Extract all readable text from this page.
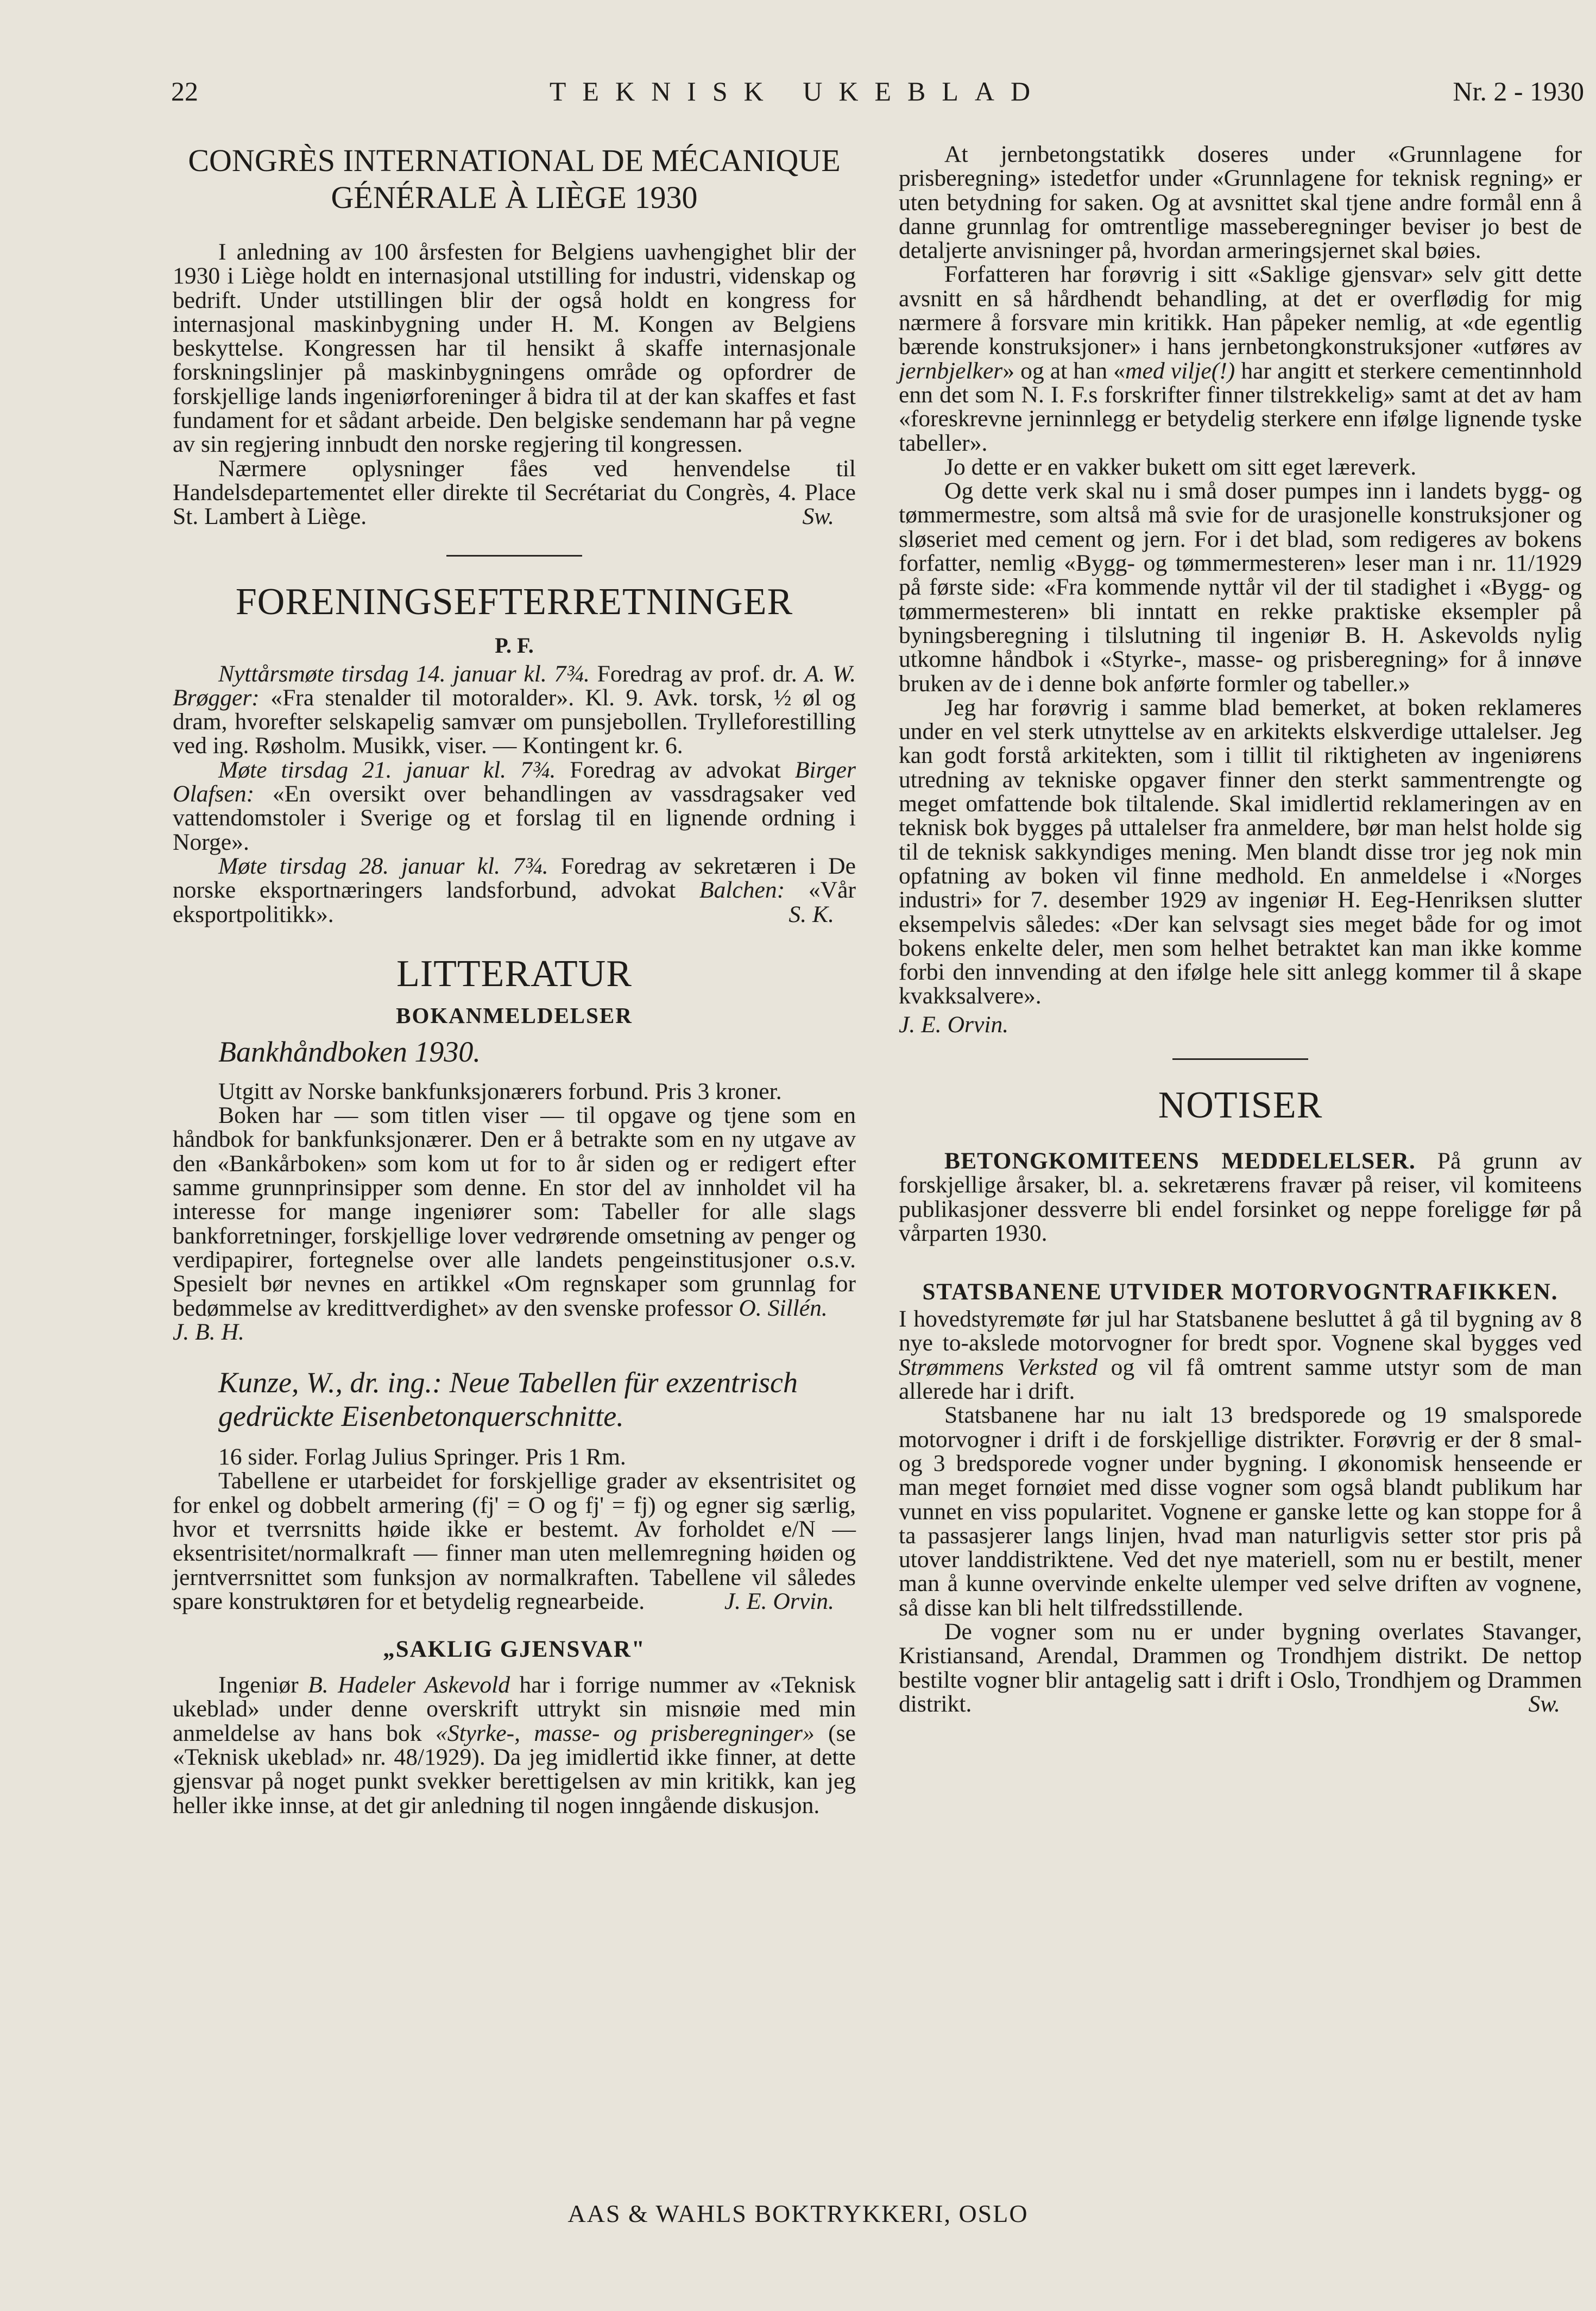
22	TEKNISK UKEBLAD	Nr. 2 - 1930
CONGRÈS INTERNATIONAL DE MÉCANIQUE
GÉNÉRALE À LIÈGE 1930

I anledning av 100 årsfesten for Belgiens uavhengighet blir der 1930 i Liège holdt en internasjonal utstilling for industri, videnskap og bedrift. Under utstillingen blir der også holdt en kongress for internasjonal maskinbygning under H. M. Kongen av Belgiens beskyttelse. Kongressen har til hensikt å skaffe internasjonale forskningslinjer på maskinbygningens område og opfordrer de forskjellige lands ingeniørforeninger å bidra til at der kan skaffes et fast fundament for et sådant arbeide. Den belgiske sendemann har på vegne av sin regjering innbudt den norske regjering til kongressen.

Nærmere oplysninger fåes ved henvendelse til Handelsdepartementet eller direkte til Secrétariat du Congrès, 4. Place St. Lambert à Liège.	Sw.

FORENINGSEFTERRETNINGER
P. F.

Nyttårsmøte tirsdag 14. januar kl. 7¾. Foredrag av prof. dr. A. W. Brøgger: «Fra stenalder til motoralder». Kl. 9. Avk. torsk, ½ øl og dram, hvorefter selskapelig samvær om punsjebollen. Trylleforestilling ved ing. Røsholm. Musikk, viser. — Kontingent kr. 6.

Møte tirsdag 21. januar kl. 7¾. Foredrag av advokat Birger Olafsen: «En oversikt over behandlingen av vassdragsaker ved vattendomstoler i Sverige og et forslag til en lignende ordning i Norge».

Møte tirsdag 28. januar kl. 7¾. Foredrag av sekretæren i De norske eksportnæringers landsforbund, advokat Balchen: «Vår eksportpolitikk».	S. K.

LITTERATUR
BOKANMELDELSER
Bankhåndboken 1930.

Utgitt av Norske bankfunksjonærers forbund. Pris 3 kroner.

Boken har — som titlen viser — til opgave og tjene som en håndbok for bankfunksjonærer. Den er å betrakte som en ny utgave av den «Bankårboken» som kom ut for to år siden og er redigert efter samme grunnprinsipper som denne. En stor del av innholdet vil ha interesse for mange ingeniører som: Tabeller for alle slags bankforretninger, forskjellige lover vedrørende omsetning av penger og verdipapirer, fortegnelse over alle landets pengeinstitusjoner o.s.v. Spesielt bør nevnes en artikkel «Om regnskaper som grunnlag for bedømmelse av kredittverdighet» av den svenske professor O. Sillén.

J. B. H.

Kunze, W., dr. ing.: Neue Tabellen für exzentrisch gedrückte Eisenbetonquerschnitte.

16 sider. Forlag Julius Springer. Pris 1 Rm.

Tabellene er utarbeidet for forskjellige grader av eksentrisitet og for enkel og dobbelt armering (fj' = O og fj' = fj) og egner sig særlig, hvor et tverrsnitts høide ikke er bestemt. Av forholdet e/N — eksentrisitet/normalkraft — finner man uten mellemregning høiden og jerntverrsnittet som funksjon av normalkraften. Tabellene vil således spare konstruktøren for et betydelig regnearbeide.	J. E. Orvin.

„SAKLIG GJENSVAR"

Ingeniør B. Hadeler Askevold har i forrige nummer av «Teknisk ukeblad» under denne overskrift uttrykt sin misnøie med min anmeldelse av hans bok «Styrke-, masse- og prisberegninger» (se «Teknisk ukeblad» nr. 48/1929). Da jeg imidlertid ikke finner, at dette gjensvar på noget punkt svekker berettigelsen av min kritikk, kan jeg heller ikke innse, at det gir anledning til nogen inngående diskusjon.

At jernbetongstatikk doseres under «Grunnlagene for prisberegning» istedetfor under «Grunnlagene for teknisk regning» er uten betydning for saken. Og at avsnittet skal tjene andre formål enn å danne grunnlag for omtrentlige masseberegninger beviser jo best de detaljerte anvisninger på, hvordan armeringsjernet skal bøies.

Forfatteren har forøvrig i sitt «Saklige gjensvar» selv gitt dette avsnitt en så hårdhendt behandling, at det er overflødig for mig nærmere å forsvare min kritikk. Han påpeker nemlig, at «de egentlig bærende konstruksjoner» i hans jernbetongkonstruksjoner «utføres av jernbjelker» og at han «med vilje(!) har angitt et sterkere cementinnhold enn det som N. I. F.s forskrifter finner tilstrekkelig» samt at det av ham «foreskrevne jerninnlegg er betydelig sterkere enn ifølge lignende tyske tabeller».

Jo dette er en vakker bukett om sitt eget læreverk.

Og dette verk skal nu i små doser pumpes inn i landets bygg- og tømmermestre, som altså må svie for de urasjonelle konstruksjoner og sløseriet med cement og jern. For i det blad, som redigeres av bokens forfatter, nemlig «Bygg- og tømmermesteren» leser man i nr. 11/1929 på første side: «Fra kommende nyttår vil der til stadighet i «Bygg- og tømmermesteren» bli inntatt en rekke praktiske eksempler på byningsberegning i tilslutning til ingeniør B. H. Askevolds nylig utkomne håndbok i «Styrke-, masse- og prisberegning» for å innøve bruken av de i denne bok anførte formler og tabeller.»

Jeg har forøvrig i samme blad bemerket, at boken reklameres under en vel sterk utnyttelse av en arkitekts elskverdige uttalelser. Jeg kan godt forstå arkitekten, som i tillit til riktigheten av ingeniørens utredning av tekniske opgaver finner den sterkt sammentrengte og meget omfattende bok tiltalende. Skal imidlertid reklameringen av en teknisk bok bygges på uttalelser fra anmeldere, bør man helst holde sig til de teknisk sakkyndiges mening. Men blandt disse tror jeg nok min opfatning av boken vil finne medhold. En anmeldelse i «Norges industri» for 7. desember 1929 av ingeniør H. Eeg-Henriksen slutter eksempelvis således: «Der kan selvsagt sies meget både for og imot bokens enkelte deler, men som helhet betraktet kan man ikke komme forbi den innvending at den ifølge hele sitt anlegg kommer til å skape kvakksalvere».

J. E. Orvin.

NOTISER

BETONGKOMITEENS MEDDELELSER. På grunn av forskjellige årsaker, bl. a. sekretærens fravær på reiser, vil komiteens publikasjoner dessverre bli endel forsinket og neppe foreligge før på vårparten 1930.

STATSBANENE UTVIDER MOTORVOGNTRAFIKKEN.

I hovedstyremøte før jul har Statsbanene besluttet å gå til bygning av 8 nye to-akslede motorvogner for bredt spor. Vognene skal bygges ved Strømmens Verksted og vil få omtrent samme utstyr som de man allerede har i drift.

Statsbanene har nu ialt 13 bredsporede og 19 smalsporede motorvogner i drift i de forskjellige distrikter. Forøvrig er der 8 smal- og 3 bredsporede vogner under bygning. I økonomisk henseende er man meget fornøiet med disse vogner som også blandt publikum har vunnet en viss popularitet. Vognene er ganske lette og kan stoppe for å ta passasjerer langs linjen, hvad man naturligvis setter stor pris på utover landdistriktene. Ved det nye materiell, som nu er bestilt, mener man å kunne overvinde enkelte ulemper ved selve driften av vognene, så disse kan bli helt tilfredsstillende.

De vogner som nu er under bygning overlates Stavanger, Kristiansand, Arendal, Drammen og Trondhjem distrikt. De nettop bestilte vogner blir antagelig satt i drift i Oslo, Trondhjem og Drammen distrikt.	Sw.

AAS & WAHLS BOKTRYKKERI, OSLO
